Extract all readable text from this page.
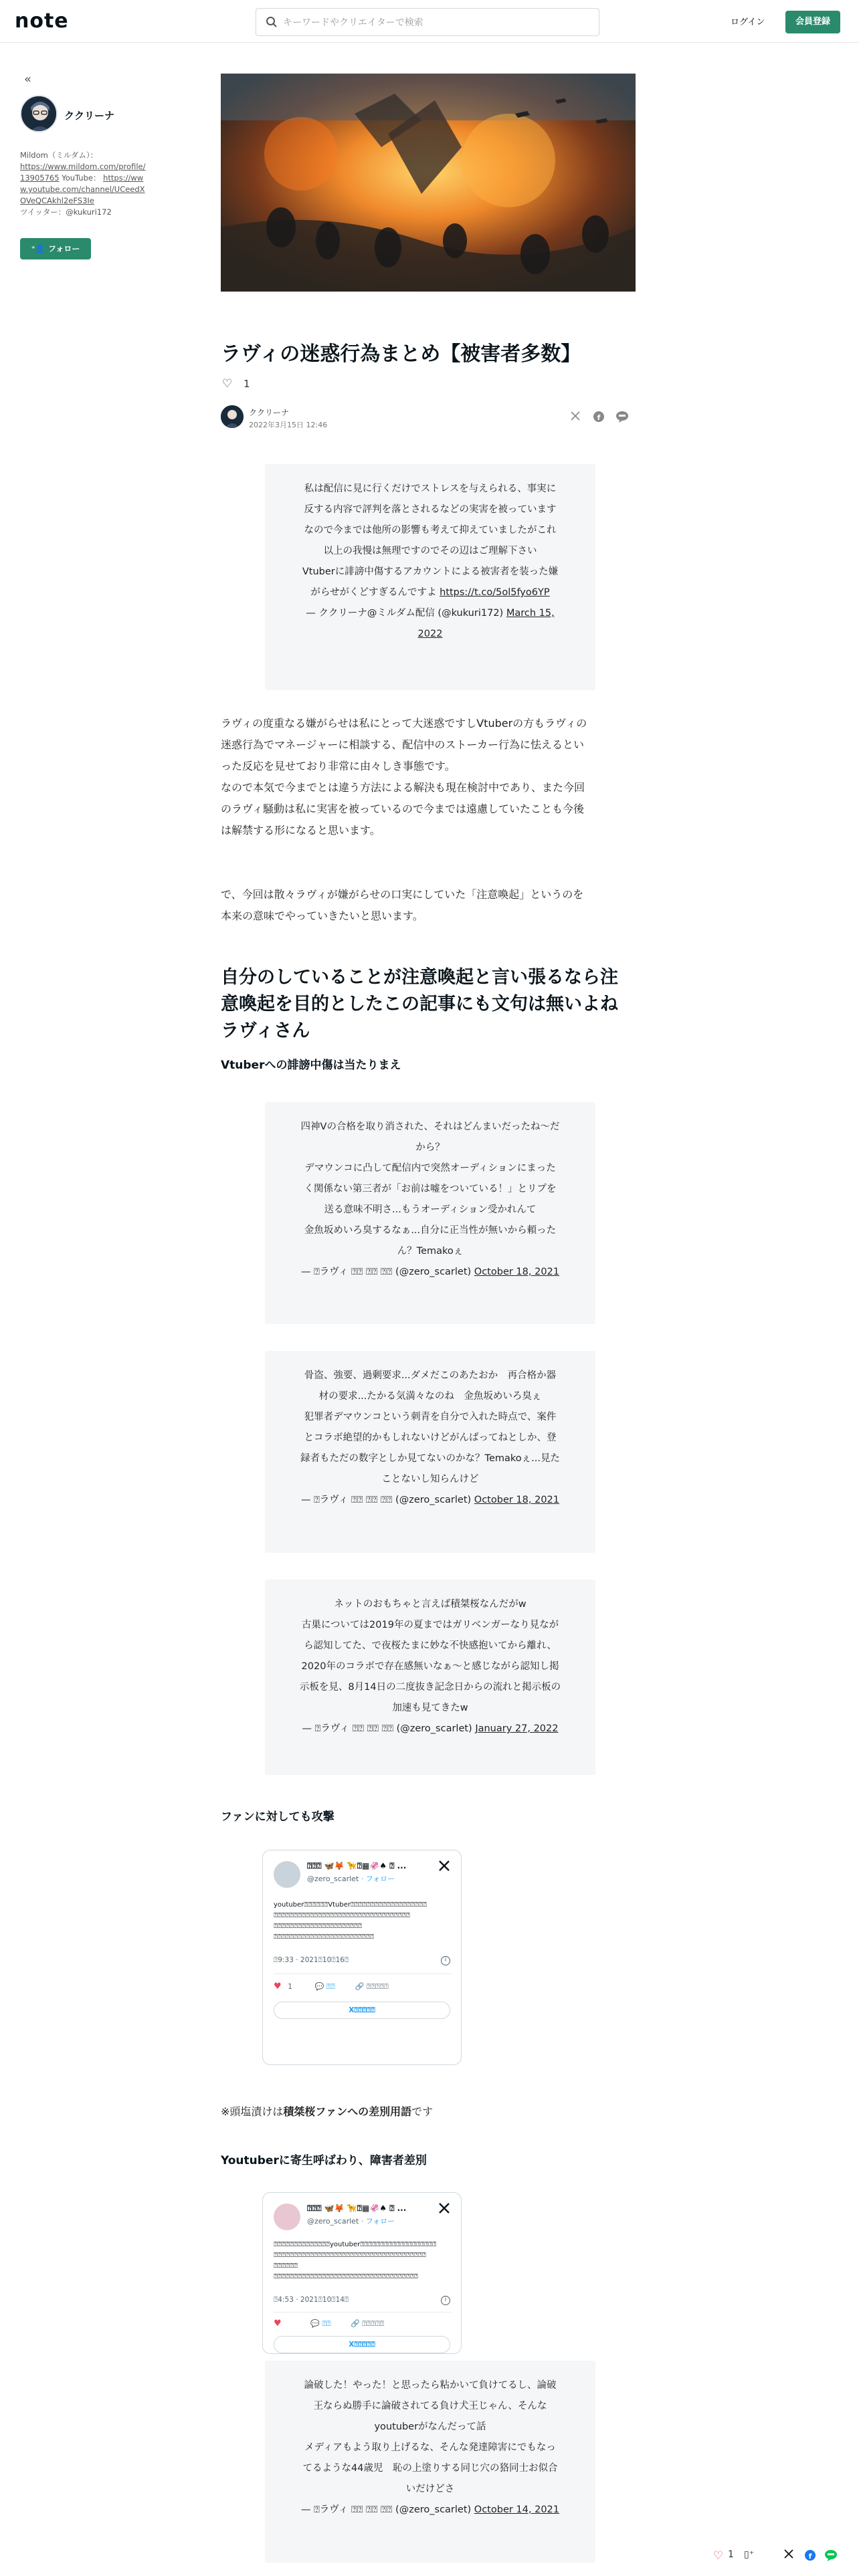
note
キーワードやクリエイターで検索	ログイン	会員登録
«
ククリーナ
Mildom（ミルダム）：
https://www.mildom.com/profile/13905765 YouTube： https://www.youtube.com/channel/UCeedXOVeQCAkhl2eFS3Ie
ツイッター：@kukuri172
⁺👤 フォロー
ラヴィの迷惑行為まとめ【被害者多数】
♡ 1
ククリーナ
2022年3月15日 12:46
f
私は配信に見に行くだけでストレスを与えられる、事実に
反する内容で評判を落とされるなどの実害を被っています
なので今までは他所の影響も考えて抑えていましたがこれ
以上の我慢は無理ですのでその辺はご理解下さい
Vtuberに誹謗中傷するアカウントによる被害者を装った嫌
がらせがくどすぎるんですよ https://t.co/5ol5fyo6YP
— ククリーナ@ミルダム配信 (@kukuri172) March 15,
2022
ラヴィの度重なる嫌がらせは私にとって大迷惑ですしVtuberの方もラヴィの
迷惑行為でマネージャーに相談する、配信中のストーカー行為に怯えるとい
った反応を見せており非常に由々しき事態です。
なので本気で今までとは違う方法による解決も現在検討中であり、また今回
のラヴィ騒動は私に実害を被っているので今までは遠慮していたことも今後
は解禁する形になると思います。
で、今回は散々ラヴィが嫌がらせの口実にしていた「注意喚起」というのを
本来の意味でやっていきたいと思います。
自分のしていることが注意喚起と言い張るなら注
意喚起を目的としたこの記事にも文句は無いよね
ラヴィさん
Vtuberへの誹謗中傷は当たりまえ
四神Vの合格を取り消された、それはどんまいだったね〜だ
から？
デマウンコに凸して配信内で突然オーディションにまった
く関係ない第三者が「お前は嘘をついている！」とリプを
送る意味不明さ...もうオーディション受かれんて
金魚坂めいろ臭するなぁ...自分に正当性が無いから頼った
ん？Temakoぇ
— ⍰ラヴィ ⍰⍰ ⍰⍰ ⍰⍰ (@zero_scarlet) October 18, 2021
骨盗、強要、過剰要求...ダメだこのあたおか　再合格か器
材の要求...たかる気満々なのね　金魚坂めいろ臭ぇ
犯罪者デマウンコという刺青を自分で入れた時点で、案件
とコラボ絶望的かもしれないけどがんばってねとしか、登
録者もただの数字としか見てないのかな？Temakoぇ...見た
ことないし知らんけど
— ⍰ラヴィ ⍰⍰ ⍰⍰ ⍰⍰ (@zero_scarlet) October 18, 2021
ネットのおもちゃと言えば積桀桜なんだがw
古巣については2019年の夏まではガリベンガーなり見なが
ら認知してた、で夜桜たまに妙な不快感抱いてから離れ、
2020年のコラボで存在感無いなぁ〜と感じながら認知し掲
示板を見、8月14日の二度抜き記念日からの流れと掲示板の
加速も見てきたw
— ⍰ラヴィ ⍰⍰ ⍰⍰ ⍰⍰ (@zero_scarlet) January 27, 2022
ファンに対しても攻撃
⍰⍰⍰ 🦋🦊 🦮⍰▦🦑♠ ⍰ ...
@zero_scarlet · フォロー
youtuber⍰⍰⍰⍰⍰⍰Vtuber⍰⍰⍰⍰⍰⍰⍰⍰⍰⍰⍰⍰⍰⍰⍰⍰⍰⍰⍰
⍰⍰⍰⍰⍰⍰⍰⍰⍰⍰⍰⍰⍰⍰⍰⍰⍰⍰⍰⍰⍰⍰⍰⍰⍰⍰⍰⍰⍰⍰⍰⍰⍰⍰
⍰⍰⍰⍰⍰⍰⍰⍰⍰⍰⍰⍰⍰⍰⍰⍰⍰⍰⍰⍰⍰⍰
⍰⍰⍰⍰⍰⍰⍰⍰⍰⍰⍰⍰⍰⍰⍰⍰⍰⍰⍰⍰⍰⍰⍰⍰⍰
⍰9:33 · 2021⍰10⍰16⍰	i
♥ 1	💬 ⍰⍰	🔗 ⍰⍰⍰⍰⍰
X⍰⍰⍰⍰⍰
※頭塩漬けは積桀桜ファンへの差別用語です
Youtuberに寄生呼ばわり、障害者差別
⍰⍰⍰ 🦋🦊 🦮⍰▦🦑♠ ⍰ ...
@zero_scarlet · フォロー
⍰⍰⍰⍰⍰⍰⍰⍰⍰⍰⍰⍰⍰⍰youtuber⍰⍰⍰⍰⍰⍰⍰⍰⍰⍰⍰⍰⍰⍰⍰⍰⍰⍰⍰
⍰⍰⍰⍰⍰⍰⍰⍰⍰⍰⍰⍰⍰⍰⍰⍰⍰⍰⍰⍰⍰⍰⍰⍰⍰⍰⍰⍰⍰⍰⍰⍰⍰⍰⍰⍰⍰⍰
⍰⍰⍰⍰⍰⍰
⍰⍰⍰⍰⍰⍰⍰⍰⍰⍰⍰⍰⍰⍰⍰⍰⍰⍰⍰⍰⍰⍰⍰⍰⍰⍰⍰⍰⍰⍰⍰⍰⍰⍰⍰⍰
⍰4:53 · 2021⍰10⍰14⍰	i
♥	💬 ⍰⍰	🔗 ⍰⍰⍰⍰⍰
X⍰⍰⍰⍰⍰
論破した！やった！と思ったら粘かいて負けてるし、論破
王ならぬ勝手に論破されてる負け犬王じゃん、そんな
youtuberがなんだって話
メディアもよう取り上げるな、そんな発達障害にでもなっ
てるような44歳児　恥の上塗りする同じ穴の狢同士お似合
いだけどさ
— ⍰ラヴィ ⍰⍰ ⍰⍰ ⍰⍰ (@zero_scarlet) October 14, 2021
♡ 1 ▯⁺	f
